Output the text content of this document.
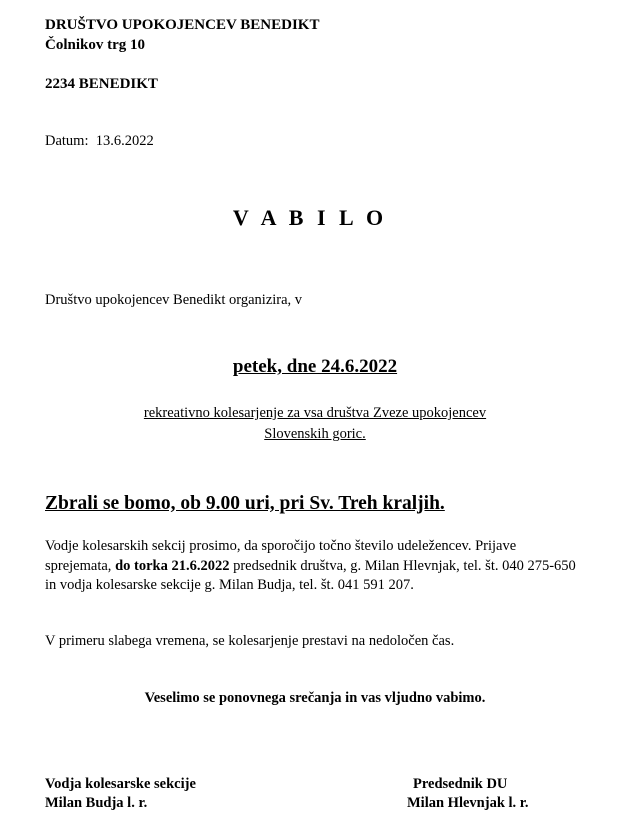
DRUŠTVO UPOKOJENCEV BENEDIKT
Čolnikov trg 10
2234 BENEDIKT
Datum: 13.6.2022
V A B I L O
Društvo upokojencev Benedikt organizira, v
petek, dne 24.6.2022
rekreativno kolesarjenje za vsa društva Zveze upokojencev
Slovenskih goric.
Zbrali se bomo, ob 9.00 uri, pri Sv. Treh kraljih.
Vodje kolesarskih sekcij prosimo, da sporočijo točno število udeležencev. Prijave sprejemata, do torka 21.6.2022 predsednik društva, g. Milan Hlevnjak, tel. št. 040 275-650 in vodja kolesarske sekcije g. Milan Budja, tel. št. 041 591 207.
V primeru slabega vremena, se kolesarjenje prestavi na nedoločen čas.
Veselimo se ponovnega srečanja in vas vljudno vabimo.
Vodja kolesarske sekcije
Milan Budja l. r.
Predsednik DU
Milan Hlevnjak l. r.
